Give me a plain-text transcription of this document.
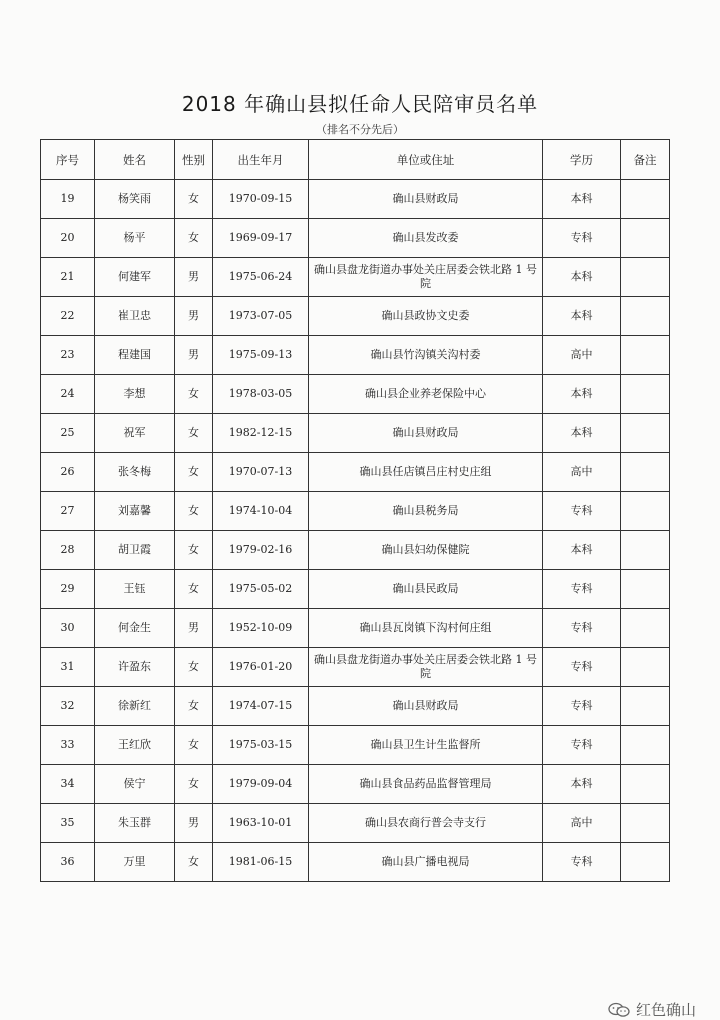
2018 年确山县拟任命人民陪审员名单
（排名不分先后）
序号	姓名	性别	出生年月	单位或住址	学历	备注
19	杨笑雨	女	1970-09-15	确山县财政局	本科	
20	杨平	女	1969-09-17	确山县发改委	专科	
21	何建军	男	1975-06-24	确山县盘龙街道办事处关庄居委会铁北路 1 号院	本科	
22	崔卫忠	男	1973-07-05	确山县政协文史委	本科	
23	程建国	男	1975-09-13	确山县竹沟镇关沟村委	高中	
24	李想	女	1978-03-05	确山县企业养老保险中心	本科	
25	祝军	女	1982-12-15	确山县财政局	本科	
26	张冬梅	女	1970-07-13	确山县任店镇吕庄村史庄组	高中	
27	刘嘉馨	女	1974-10-04	确山县税务局	专科	
28	胡卫霞	女	1979-02-16	确山县妇幼保健院	本科	
29	王钰	女	1975-05-02	确山县民政局	专科	
30	何金生	男	1952-10-09	确山县瓦岗镇下沟村何庄组	专科	
31	许盈东	女	1976-01-20	确山县盘龙街道办事处关庄居委会铁北路 1 号院	专科	
32	徐新红	女	1974-07-15	确山县财政局	专科	
33	王红欣	女	1975-03-15	确山县卫生计生监督所	专科	
34	侯宁	女	1979-09-04	确山县食品药品监督管理局	本科	
35	朱玉群	男	1963-10-01	确山县农商行普会寺支行	高中	
36	万里	女	1981-06-15	确山县广播电视局	专科	
红色确山
